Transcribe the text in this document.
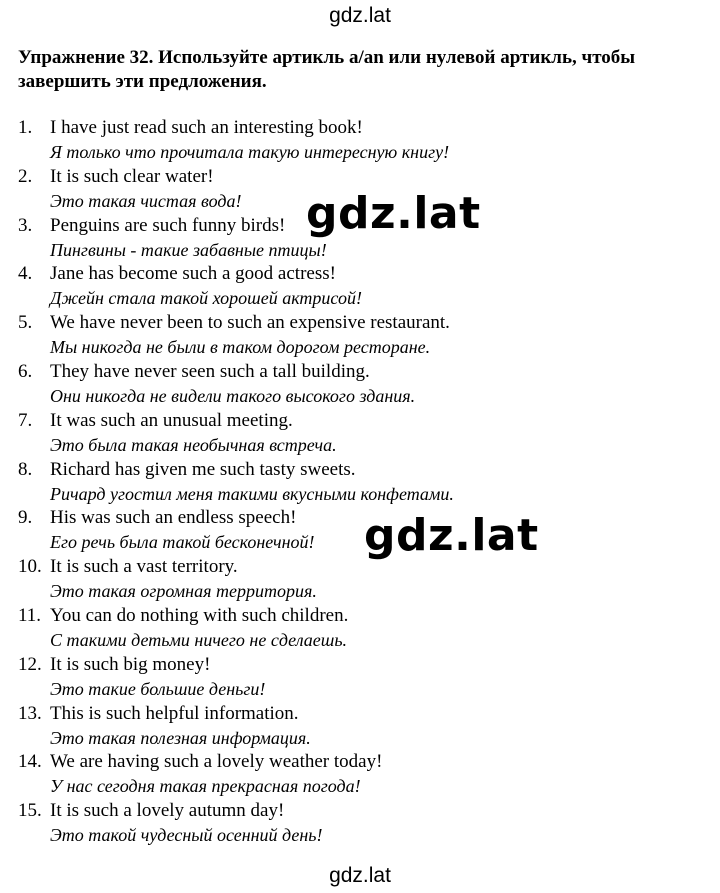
gdz.lat
Упражнение 32. Используйте артикль a/an или нулевой артикль, чтобы завершить эти предложения.
1. I have just read such an interesting book!
Я только что прочитала такую интересную книгу!
2. It is such clear water!
Это такая чистая вода!
3. Penguins are such funny birds!
Пингвины - такие забавные птицы!
4. Jane has become such a good actress!
Джейн стала такой хорошей актрисой!
5. We have never been to such an expensive restaurant.
Мы никогда не были в таком дорогом ресторане.
6. They have never seen such a tall building.
Они никогда не видели такого высокого здания.
7. It was such an unusual meeting.
Это была такая необычная встреча.
8. Richard has given me such tasty sweets.
Ричард угостил меня такими вкусными конфетами.
9. His was such an endless speech!
Его речь была такой бесконечной!
10. It is such a vast territory.
Это такая огромная территория.
11. You can do nothing with such children.
С такими детьми ничего не сделаешь.
12. It is such big money!
Это такие большие деньги!
13. This is such helpful information.
Это такая полезная информация.
14. We are having such a lovely weather today!
У нас сегодня такая прекрасная погода!
15. It is such a lovely autumn day!
Это такой чудесный осенний день!
gdz.lat
gdz.lat
gdz.lat
